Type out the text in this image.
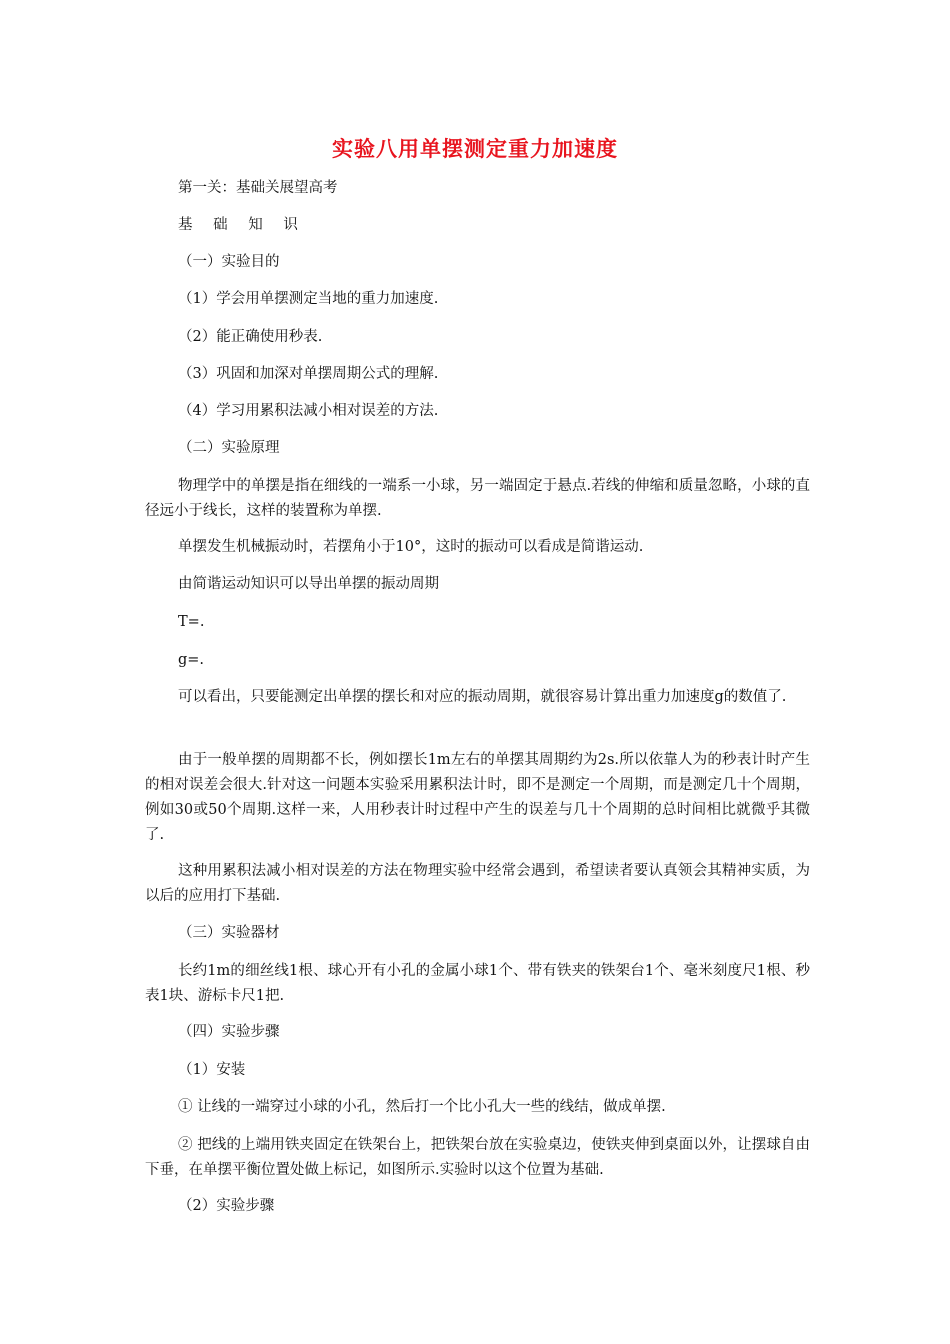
实验八用单摆测定重力加速度
第一关：基础关展望高考
基 础 知 识
（一）实验目的
（1）学会用单摆测定当地的重力加速度.
（2）能正确使用秒表.
（3）巩固和加深对单摆周期公式的理解.
（4）学习用累积法减小相对误差的方法.
（二）实验原理
物理学中的单摆是指在细线的一端系一小球，另一端固定于悬点.若线的伸缩和质量忽略，小球的直径远小于线长，这样的装置称为单摆.
单摆发生机械振动时，若摆角小于10°，这时的振动可以看成是简谐运动.
由简谐运动知识可以导出单摆的振动周期
T=.
g=.
可以看出，只要能测定出单摆的摆长和对应的振动周期，就很容易计算出重力加速度g的数值了.
由于一般单摆的周期都不长，例如摆长1m左右的单摆其周期约为2s.所以依靠人为的秒表计时产生的相对误差会很大.针对这一问题本实验采用累积法计时，即不是测定一个周期，而是测定几十个周期，例如30或50个周期.这样一来，人用秒表计时过程中产生的误差与几十个周期的总时间相比就微乎其微了.
这种用累积法减小相对误差的方法在物理实验中经常会遇到，希望读者要认真领会其精神实质，为以后的应用打下基础.
（三）实验器材
长约1m的细丝线1根、球心开有小孔的金属小球1个、带有铁夹的铁架台1个、毫米刻度尺1根、秒表1块、游标卡尺1把.
（四）实验步骤
（1）安装
① 让线的一端穿过小球的小孔，然后打一个比小孔大一些的线结，做成单摆.
② 把线的上端用铁夹固定在铁架台上，把铁架台放在实验桌边，使铁夹伸到桌面以外，让摆球自由下垂，在单摆平衡位置处做上标记，如图所示.实验时以这个位置为基础.
（2）实验步骤
